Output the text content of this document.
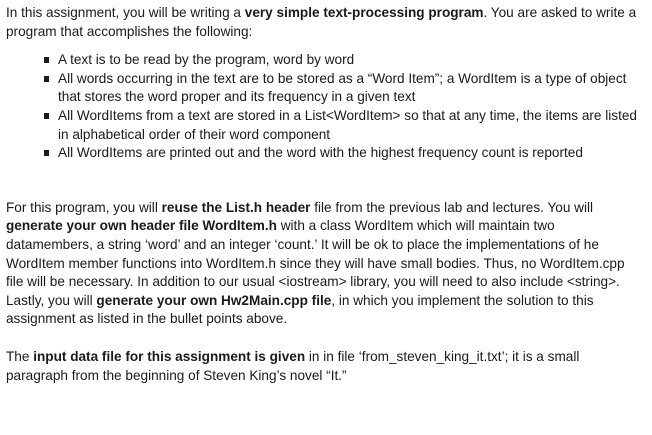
In this assignment, you will be writing a very simple text-processing program. You are asked to write a program that accomplishes the following:

A text is to be read by the program, word by word
All words occurring in the text are to be stored as a “Word Item”; a WordItem is a type of object that stores the word proper and its frequency in a given text
All WordItems from a text are stored in a List<WordItem> so that at any time, the items are listed in alphabetical order of their word component
All WordItems are printed out and the word with the highest frequency count is reported

For this program, you will reuse the List.h header file from the previous lab and lectures. You will generate your own header file WordItem.h with a class WordItem which will maintain two datamembers, a string ‘word’ and an integer ‘count.’ It will be ok to place the implementations of he WordItem member functions into WordItem.h since they will have small bodies. Thus, no WordItem.cpp file will be necessary. In addition to our usual <iostream> library, you will need to also include <string>. Lastly, you will generate your own Hw2Main.cpp file, in which you implement the solution to this assignment as listed in the bullet points above.

The input data file for this assignment is given in in file ‘from_steven_king_it.txt’; it is a small paragraph from the beginning of Steven King’s novel “It.”
